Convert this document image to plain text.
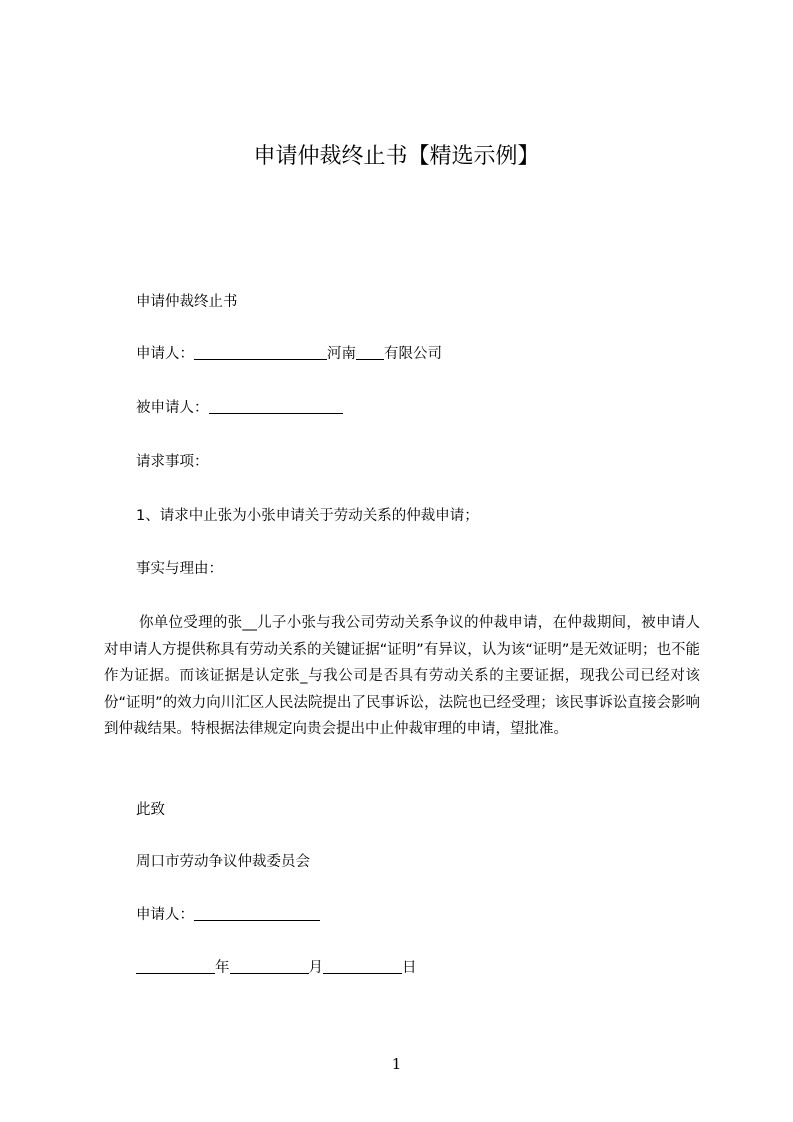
申请仲裁终止书【精选示例】
申请仲裁终止书
申请人：	河南 有限公司
被申请人：
请求事项：
1、请求中止张为小张申请关于劳动关系的仲裁申请；
事实与理由：
你单位受理的张__儿子小张与我公司劳动关系争议的仲裁申请，在仲裁期间，被申请人对申请人方提供称具有劳动关系的关键证据“证明”有异议，认为该“证明”是无效证明；也不能作为证据。而该证据是认定张_与我公司是否具有劳动关系的主要证据，现我公司已经对该份“证明”的效力向川汇区人民法院提出了民事诉讼，法院也已经受理；该民事诉讼直接会影响到仲裁结果。特根据法律规定向贵会提出中止仲裁审理的申请，望批准。
此致
周口市劳动争议仲裁委员会
申请人：
年	月	日
1
